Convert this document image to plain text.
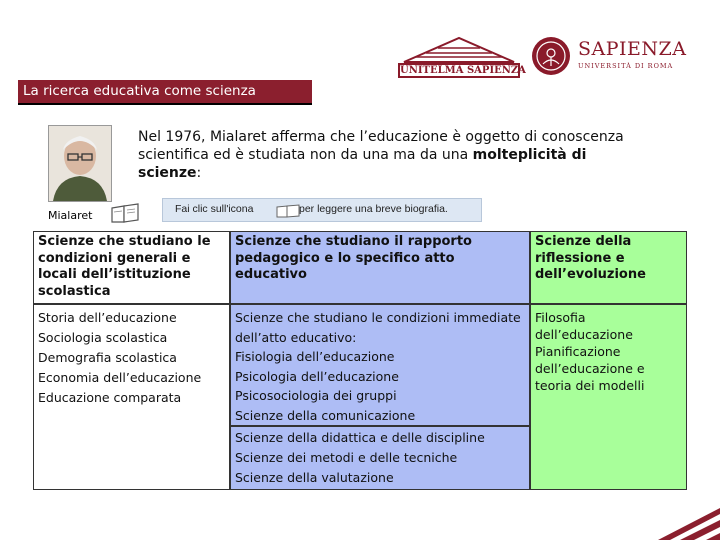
UNITELMA SAPIENZA
SAPIENZA
UNIVERSITÀ DI ROMA
La ricerca educativa come scienza
Mialaret
Nel 1976, Mialaret afferma che l’educazione è oggetto di conoscenza scientifica ed è studiata non da una ma da una molteplicità di scienze:
Fai clic sull'icona	per leggere una breve biografia.
Scienze che studiano le condizioni generali e locali dell’istituzione scolastica
Scienze che studiano il rapporto pedagogico e lo specifico atto educativo
Scienze della riflessione e dell’evoluzione
Storia dell’educazione
Sociologia scolastica
Demografia scolastica
Economia dell’educazione
Educazione comparata
Scienze che studiano le condizioni immediate dell’atto educativo:
Fisiologia dell’educazione
Psicologia dell’educazione
Psicosociologia dei gruppi
Scienze della comunicazione
Scienze della didattica e delle discipline
Scienze dei metodi e delle tecniche
Scienze della valutazione
Filosofia dell’educazione
Pianificazione dell’educazione e teoria dei modelli
